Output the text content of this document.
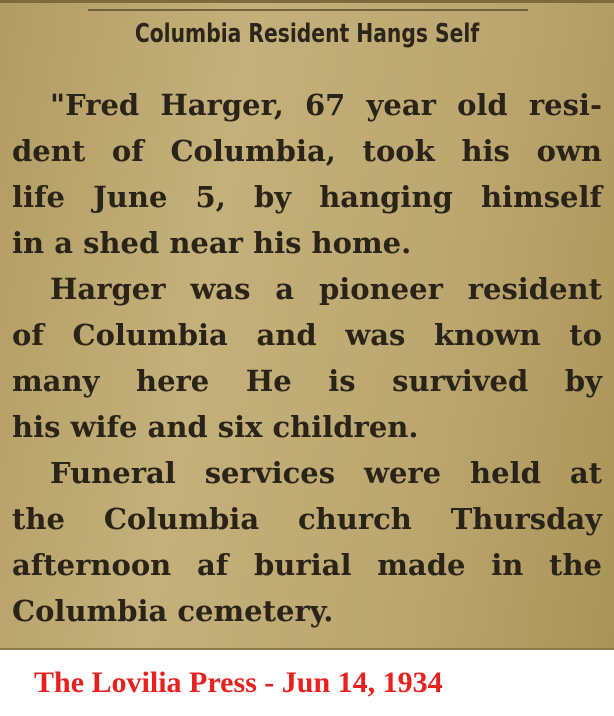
Columbia Resident Hangs Self
"Fred Harger, 67 year old resi-
dent of Columbia, took his own
life June 5, by hanging himself
in a shed near his home.
Harger was a pioneer resident
of Columbia and was known to
many here He is survived by
his wife and six children.
Funeral services were held at
the Columbia church Thursday
afternoon af burial made in the
Columbia cemetery.
The Lovilia Press - Jun 14, 1934
